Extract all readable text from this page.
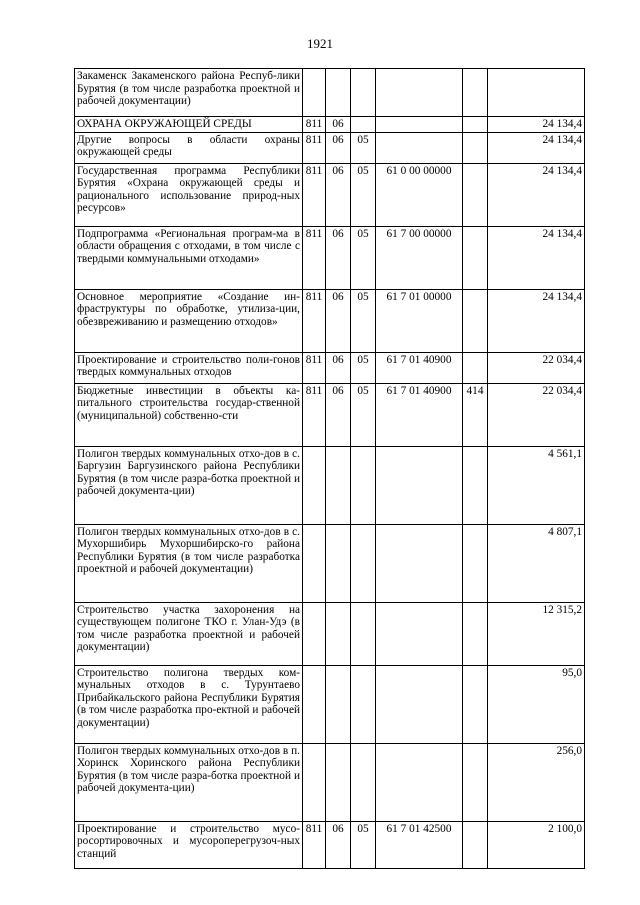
1921
Закаменск Закаменского района Респуб-лики Бурятия (в том числе разработка проектной и рабочей документации)						
ОХРАНА ОКРУЖАЮЩЕЙ СРЕДЫ	811	06				24 134,4
Другие вопросы в области охраны окружающей среды	811	06	05			24 134,4
Государственная программа Республики Бурятия «Охрана окружающей среды и рационального использование природ-ных ресурсов»	811	06	05	61 0 00 00000		24 134,4
Подпрограмма «Региональная програм-ма в области обращения с отходами, в том числе с твердыми коммунальными отходами»	811	06	05	61 7 00 00000		24 134,4
Основное мероприятие «Создание ин-фраструктуры по обработке, утилиза-ции, обезвреживанию и размещению отходов»	811	06	05	61 7 01 00000		24 134,4
Проектирование и строительство поли-гонов твердых коммунальных отходов	811	06	05	61 7 01 40900		22 034,4
Бюджетные инвестиции в объекты ка-питального строительства государ-ственной (муниципальной) собственно-сти	811	06	05	61 7 01 40900	414	22 034,4
Полигон твердых коммунальных отхо-дов в с. Баргузин Баргузинского района Республики Бурятия (в том числе разра-ботка проектной и рабочей документа-ции)						4 561,1
Полигон твердых коммунальных отхо-дов в с. Мухоршибирь Мухоршибирско-го района Республики Бурятия (в том числе разработка проектной и рабочей документации)						4 807,1
Строительство участка захоронения на существующем полигоне ТКО г. Улан-Удэ (в том числе разработка проектной и рабочей документации)						12 315,2
Строительство полигона твердых ком-мунальных отходов в с. Турунтаево Прибайкальского района Республики Бурятия (в том числе разработка про-ектной и рабочей документации)						95,0
Полигон твердых коммунальных отхо-дов в п. Хоринск Хоринского района Республики Бурятия (в том числе разра-ботка проектной и рабочей документа-ции)						256,0
Проектирование и строительство мусо-росортировочных и мусороперегрузоч-ных станций	811	06	05	61 7 01 42500		2 100,0
